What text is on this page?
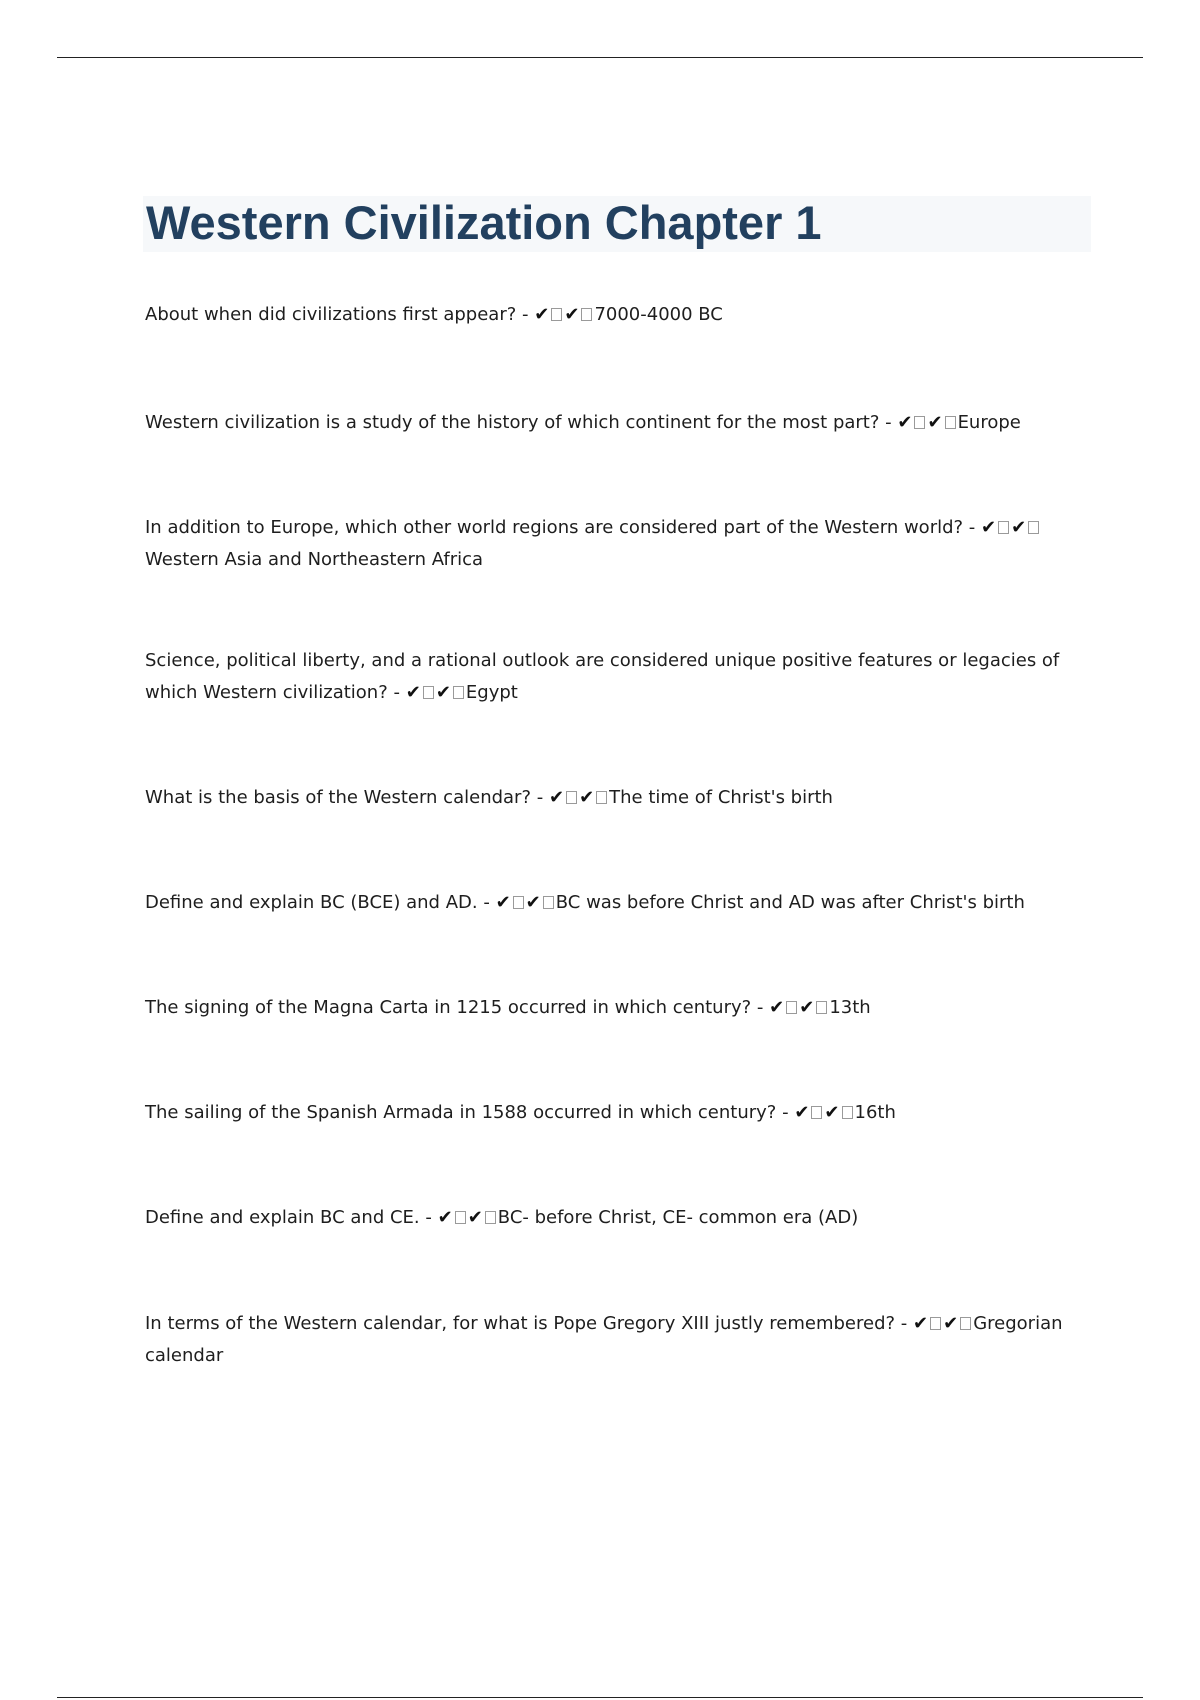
Western Civilization Chapter 1

About when did civilizations first appear? - ✔ ✔ 7000-4000 BC

Western civilization is a study of the history of which continent for the most part? - ✔ ✔ Europe

In addition to Europe, which other world regions are considered part of the Western world? - ✔ ✔Western Asia and Northeastern Africa

Science, political liberty, and a rational outlook are considered unique positive features or legacies of which Western civilization? - ✔ ✔ Egypt

What is the basis of the Western calendar? - ✔ ✔ The time of Christ's birth

Define and explain BC (BCE) and AD. - ✔ ✔ BC was before Christ and AD was after Christ's birth

The signing of the Magna Carta in 1215 occurred in which century? - ✔ ✔ 13th

The sailing of the Spanish Armada in 1588 occurred in which century? - ✔ ✔ 16th

Define and explain BC and CE. - ✔ ✔ BC- before Christ, CE- common era (AD)

In terms of the Western calendar, for what is Pope Gregory XIII justly remembered? - ✔ ✔ Gregorian calendar
